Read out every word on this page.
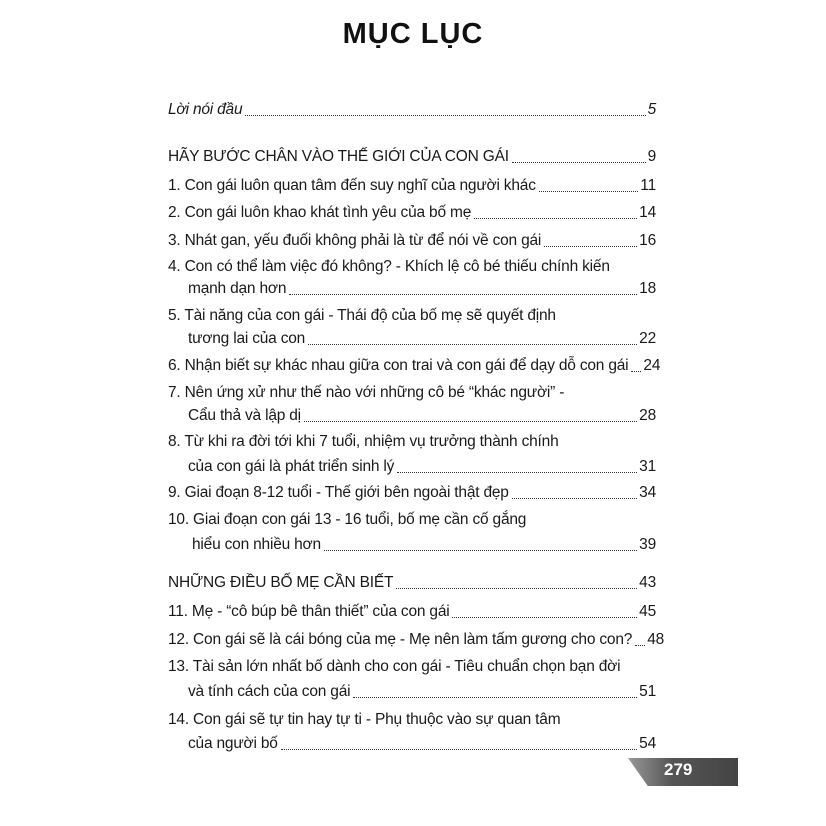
MỤC LỤC
Lời nói đầu	5
HÃY BƯỚC CHÂN VÀO THẾ GIỚI CỦA CON GÁI	9
1. Con gái luôn quan tâm đến suy nghĩ của người khác	11
2. Con gái luôn khao khát tình yêu của bố mẹ	14
3. Nhát gan, yếu đuối không phải là từ để nói về con gái	16
4. Con có thể làm việc đó không? - Khích lệ cô bé thiếu chính kiến
mạnh dạn hơn	18
5. Tài năng của con gái - Thái độ của bố mẹ sẽ quyết định
tương lai của con	22
6. Nhận biết sự khác nhau giữa con trai và con gái để dạy dỗ con gái 24
7. Nên ứng xử như thế nào với những cô bé “khác người” -
Cẩu thả và lập dị	28
8. Từ khi ra đời tới khi 7 tuổi, nhiệm vụ trưởng thành chính
của con gái là phát triển sinh lý	31
9. Giai đoạn 8-12 tuổi - Thế giới bên ngoài thật đẹp	34
10. Giai đoạn con gái 13 - 16 tuổi, bố mẹ cần cố gắng
hiểu con nhiều hơn	39
NHỮNG ĐIỀU BỐ MẸ CẦN BIẾT	43
11. Mẹ - “cô búp bê thân thiết” của con gái	45
12. Con gái sẽ là cái bóng của mẹ - Mẹ nên làm tấm gương cho con? 48
13. Tài sản lớn nhất bố dành cho con gái - Tiêu chuẩn chọn bạn đời
và tính cách của con gái	51
14. Con gái sẽ tự tin hay tự ti - Phụ thuộc vào sự quan tâm
của người bố	54
279
